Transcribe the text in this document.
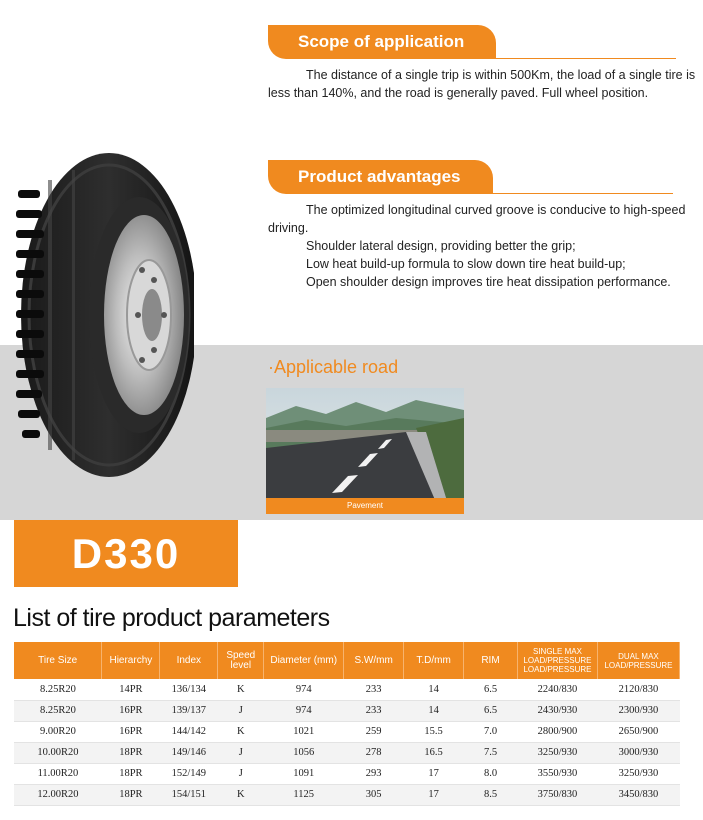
Scope of application

The distance of a single trip is within 500Km, the load of a single tire is less than 140%, and the road is generally paved. Full wheel position.

Product advantages

The optimized longitudinal curved groove is conducive to high-speed driving.

Shoulder lateral design, providing better the grip;

Low heat build-up formula to slow down tire heat build-up;

Open shoulder design improves tire heat dissipation performance.

·Applicable road
Pavement
D330
List of tire product parameters
Tire Size	Hierarchy	Index	Speed level	Diameter (mm)	S.W/mm	T.D/mm	RIM	SINGLE MAX LOAD/PRESSURE LOAD/PRESSURE	DUAL MAX LOAD/PRESSURE
8.25R20	14PR	136/134	K	974	233	14	6.5	2240/830	2120/830
8.25R20	16PR	139/137	J	974	233	14	6.5	2430/930	2300/930
9.00R20	16PR	144/142	K	1021	259	15.5	7.0	2800/900	2650/900
10.00R20	18PR	149/146	J	1056	278	16.5	7.5	3250/930	3000/930
11.00R20	18PR	152/149	J	1091	293	17	8.0	3550/930	3250/930
12.00R20	18PR	154/151	K	1125	305	17	8.5	3750/830	3450/830
